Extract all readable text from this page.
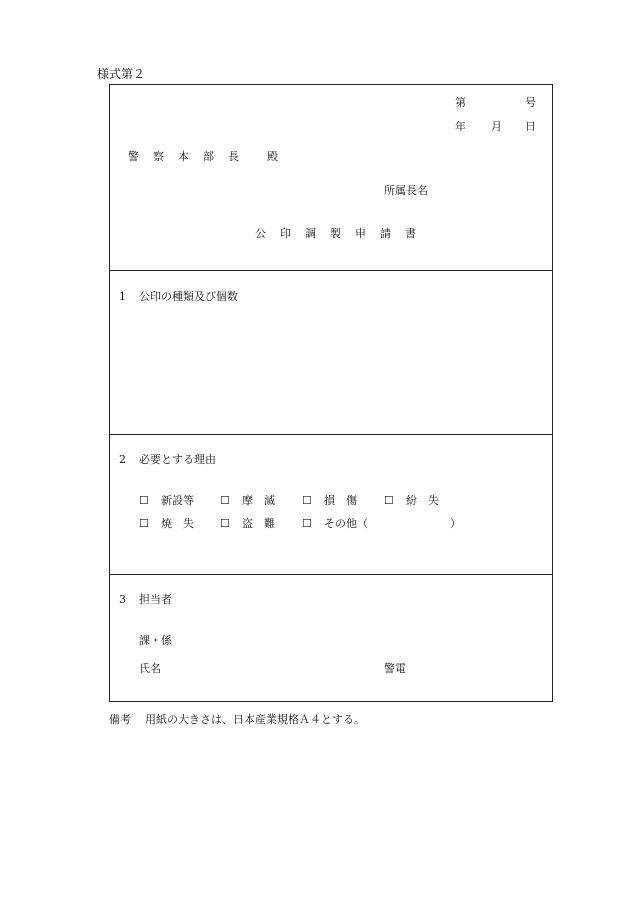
様式第２
第	号
年 月 日
警 察 本 部 長	殿
所属長名
公 印 調 製 申 請 書
1 公印の種類及び個数
2 必要とする理由
☐ 新設等 ☐ 摩　滅 ☐ 損　傷 ☐ 紛　失
☐ 焼　失 ☐ 盗　難 ☐ その他（	）
3 担当者
課・係
氏名	警電
備考 用紙の大きさは、日本産業規格Ａ４とする。
